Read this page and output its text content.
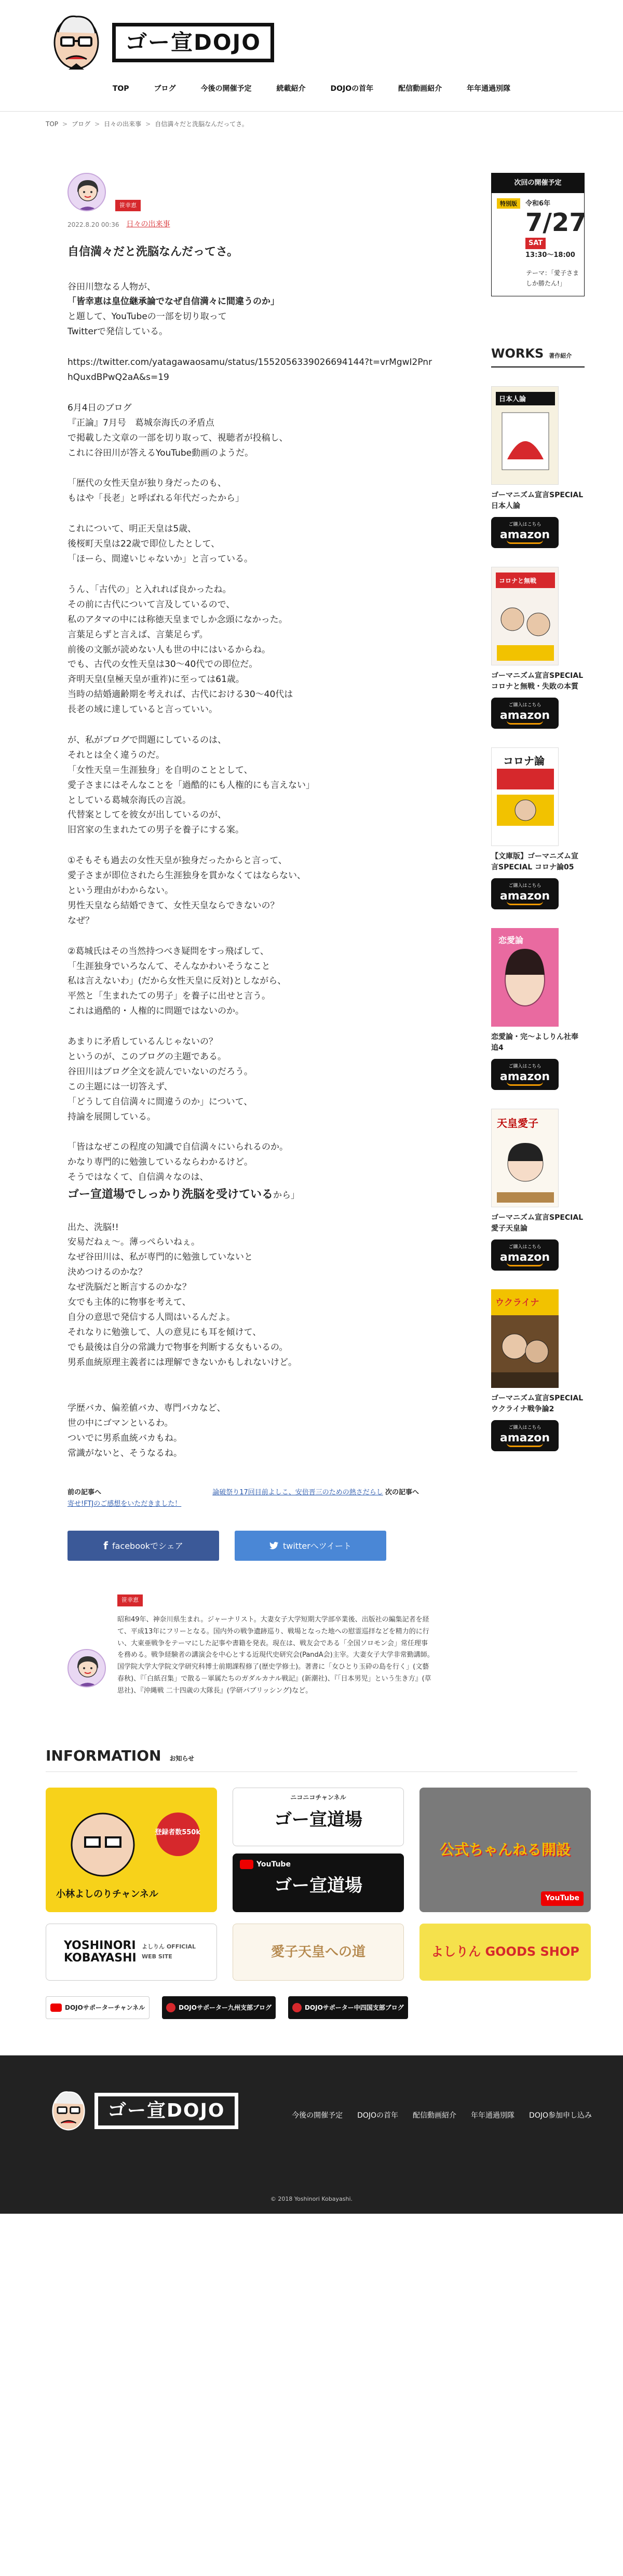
ゴー宣DOJO
TOP	ブログ	今後の開催予定	続載紹介	DOJOの首年	配信動画紹介	年年通過別隊
TOP > ブログ > 日々の出来事 > 自信満々だと洗脳なんだってさ。
笹幸恵
2022.8.20 00:36 日々の出来事
自信満々だと洗脳なんだってさ。

谷田川惣なる人物が、
「皆幸恵は皇位継承論でなぜ自信満々に間違うのか」
と題して、YouTubeの一部を切り取って
Twitterで発信している。

https://twitter.com/yatagawaosamu/status/1552056339026694144?t=vrMgwI2PnrhQuxdBPwQ2aA&s=19

6月4日のブログ
『正論』7月号　葛城奈海氏の矛盾点
で掲載した文章の一部を切り取って、視聴者が投稿し、
これに谷田川が答えるYouTube動画のようだ。

「歴代の女性天皇が独り身だったのも、
もはや「長老」と呼ばれる年代だったから」

これについて、明正天皇は5歳、
後桜町天皇は22歳で即位したとして、
「ほーら、間違いじゃないか」と言っている。

うん、「古代の」と入れれば良かったね。
その前に古代について言及しているので、
私のアタマの中には称徳天皇までしか念頭になかった。
言葉足らずと言えば、言葉足らず。
前後の文脈が読めない人も世の中にはいるからね。
でも、古代の女性天皇は30～40代での即位だ。
斉明天皇(皇極天皇が重祚)に至っては61歳。
当時の結婚適齢期を考えれば、古代における30～40代は
長老の域に達していると言っていい。

が、私がブログで問題にしているのは、
それとは全く違うのだ。
「女性天皇＝生涯独身」を自明のこととして、
愛子さまにはそんなことを「過酷的にも人権的にも言えない」
としている葛城奈海氏の言説。
代替案としてを彼女が出しているのが、
旧宮家の生まれたての男子を養子にする案。

①そもそも過去の女性天皇が独身だったからと言って、
愛子さまが即位されたら生涯独身を貫かなくてはならない、
という理由がわからない。
男性天皇なら結婚できて、女性天皇ならできないの？
なぜ？

②葛城氏はその当然持つべき疑問をすっ飛ばして、
「生涯独身でいろなんて、そんなかわいそうなこと
私は言えないわ」(だから女性天皇に反対)としながら、
平然と「生まれたての男子」を養子に出せと言う。
これは過酷的・人権的に問題ではないのか。

あまりに矛盾しているんじゃないの？
というのが、このブログの主題である。
谷田川はブログ全文を読んでいないのだろう。
この主題には一切答えず、
「どうして自信満々に間違うのか」について、
持論を展開している。

「皆はなぜこの程度の知識で自信満々にいられるのか。
かなり専門的に勉強しているならわかるけど。
そうではなくて、自信満々なのは、
ゴー宣道場でしっかり洗脳を受けているから」

出た、洗脳!!
安易だねぇ～。薄っぺらいねぇ。
なぜ谷田川は、私が専門的に勉強していないと
決めつけるのかな？
なぜ洗脳だと断言するのかな？
女でも主体的に物事を考えて、
自分の意思で発信する人間はいるんだよ。
それなりに勉強して、人の意見にも耳を傾けて、
でも最後は自分の常識力で物事を判断する女もいるの。
男系血統原理主義者には理解できないかもしれないけど。

学歴バカ、偏差値バカ、専門バカなど、
世の中にゴマンといるわ。
ついでに男系血統バカもね。
常識がないと、そうなるね。

前の記事へ
寄せ!FTJのご感想をいただきました！
論破祭り17回目前よしこ、安倍晋三のための熱さだらし 次の記事へ
f facebookでシェア	twitterへツイート
笹幸恵

昭和49年、神奈川県生まれ。ジャーナリスト。大妻女子大学短期大学部卒業後、出版社の編集記者を経て、平成13年にフリーとなる。国内外の戦争遺跡巡り、戦場となった地への慰霊巡拝などを精力的に行い、大東亜戦争をテーマにした記事や書籍を発表。現在は、戦友会である「全国ソロモン会」常任理事を務める。戦争経験者の講演会を中心とする近現代史研究会(PandA会)主宰。大妻女子大学非常勤講師。国学院大学大学院文学研究科博士前期課程修了(歴史学修士)。著書に「女ひとり玉砕の島を行く」(文藝春秋)、『「白紙召集」で散る－軍属たちのガダルカナル戦記』(新潮社)、『「日本男児」という生き方』(草思社)、『沖縄戦 二十四歳の大隊長』(学研パブリッシング)など。

次回の開催予定
特別版	令和6年
7/27
SAT
13:30～18:00
テーマ：「愛子さましか勝たん!」
WORKS 著作紹介
日本人論
ゴーマニズム宣言SPECIAL 日本人論
ご購入はこちら
amazon
コロナと無戦
ゴーマニズム宣言SPECIAL コロナと無戦・失敗の本質
ご購入はこちら
amazon
コロナ論
【文庫版】ゴーマニズム宣言SPECIAL コロナ論05
ご購入はこちら
amazon
恋愛論
恋愛論・完～よしりん社奉追4
ご購入はこちら
amazon
天皇愛子
ゴーマニズム宣言SPECIAL 愛子天皇論
ご購入はこちら
amazon
ウクライナ
ゴーマニズム宣言SPECIAL ウクライナ戦争論2
ご購入はこちら
amazon
INFORMATION お知らせ
登録者数550k
小林よしのりチャンネル
ニコニコチャンネル
ゴー宣道場
YouTube
ゴー宣道場
公式ちゃんねる開設
YouTube
YOSHINORI KOBAYASHI
よしりん OFFICIAL WEB SITE	愛子天皇への道	よしりん GOODS SHOP
DOJOサポーターチャンネル	DOJOサポーター九州支部ブログ	DOJOサポーター中四国支部ブログ
ゴー宣DOJO	今後の開催予定 DOJOの首年 配信動画紹介 年年通過別隊 DOJO参加申し込み
© 2018 Yoshinori Kobayashi.
